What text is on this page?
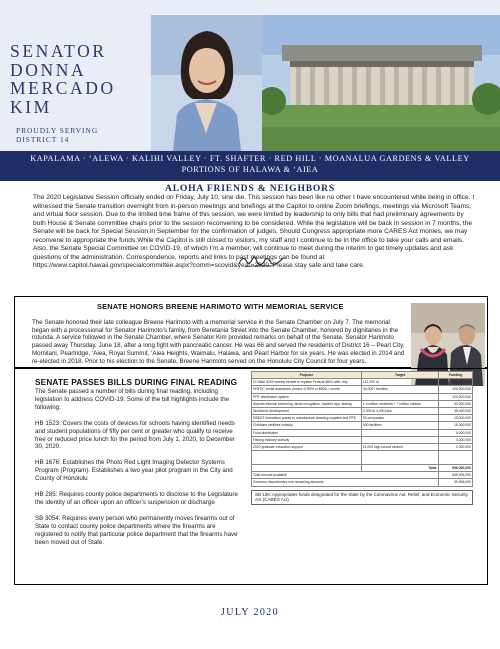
SENATOR
DONNA
MERCADO
KIM
PROUDLY SERVING
DISTRICT 14
KAPALAMA · ‘ALEWA · KALIHI VALLEY · FT. SHAFTER · RED HILL · MOANALUA GARDENS & VALLEY
PORTIONS OF HALAWA & ‘AIEA
ALOHA FRIENDS & NEIGHBORS
The 2020 Legislative Session officially ended on Friday, July 10, sine die. This session has been like no other I have encountered while being in office. I witnessed the Senate transition overnight from in-person meetings and briefings at the Capitol to online Zoom briefings, meetings via Microsoft Teams, and virtual floor session. Due to the limited time frame of this session, we were limited by leadership to only bills that had preliminary agreements by both House & Senate committee chairs prior to the session reconvening to be considered. While the legislature will be back in session in 7 months, the Senate will be back for Special Session in September for the confirmation of judges. Should Congress appropriate more CARES Act monies, we may reconvene to appropriate the funds.While the Capitol is still closed to visitors, my staff and I continue to be in the office to take your calls and emails. Also, the Senate Special Committee on COVID-19, of which I’m a member, will continue to meet during the interim to get timely updates and ask questions of the administration. Correspondence, reports and links to past meetings can be found at https://www.capitol.hawaii.gov/specialcommittee.aspx?comm=scovid&year=2020. Please stay safe and take care.
SENATE HONORS BREENE HARIMOTO WITH MEMORIAL SERVICE
The Senate honored their late colleague Breene Harimoto with a memorial service in the Senate Chamber on July 7. The memorial began with a processional for Senator Harimoto’s family, from Beretania Street into the Senate Chamber, honored by dignitaries in the rotunda. A service followed in the Senate Chamber, where Senator Kim provided remarks on behalf of the Senate. Senator Harimoto passed away Thursday, June 18, after a long fight with pancreatic cancer. He was 66 and served the residents of District 16 – Pearl City, Momilani, Pearlridge, ‘Aiea, Royal Summit, ‘Aiea Heights, Waimalu, Halawa, and Pearl Harbor for six years. He was elected in 2014 and re-elected in 2018. Prior to his election to the Senate, Breene Harimoto served on the Honolulu City Council for four years.
SENATE PASSES BILLS DURING FINAL READING

The Senate passed a number of bills during final reading, including legislation to address COVID-19. Some of the bill highlights include the following:

HB 1523: Covers the costs of devices for schools having identified needs and student populations of fifty per cent or greater who qualify to receive free or reduced price lunch for the period from July 1, 2020, to December 30, 2020.

HB 1676: Establishes the Photo Red Light Imaging Detector Systems Program (Program). Establishes a two year pilot program in the City and County of Honolulu

HB 285: Requires county police departments to disclose to the Legislature the identity of an officer upon an officer’s suspension or discharge

SB 3054: Requires every person who permanently moves firearms out of State to contact county police departments where the firearms are registered to notify that particular police department that the firearms have been moved out of State.

Purpose	Target	Funding
UI State $100 weekly benefit to replace Federal $600 after July	112,000 UI	230,000,000
HHFDC rental assistance (lesser of 50% or $500) / month	34,000+ families	100,000,000
PPE distribution system		100,000,000
Airports thermal screening, facial recognition, traveler app, testing	1.4 million residents + 7 million visitors	90,000,000
Workforce development	2,000 to 4,000 jobs	36,000,000
DBEDT innovation grants to manufacture cleaning supplies and PPE	30 companies	15,000,000
Childcare facilities subsidy	900 facilities	15,000,000
Food distribution		5,000,000
Fishing industry subsidy		3,000,000
2020 graduate education support	11,000 high school seniors	2,000,000

	Total:	596,000,000
Total amount available		635,906,000
Governor discretionary use remaining amounts		39,906,000
SB 126: Appropriates funds designated for the State by the Coronavirus Aid, Relief, and Economic Security Act (CARES Act)
JULY 2020
